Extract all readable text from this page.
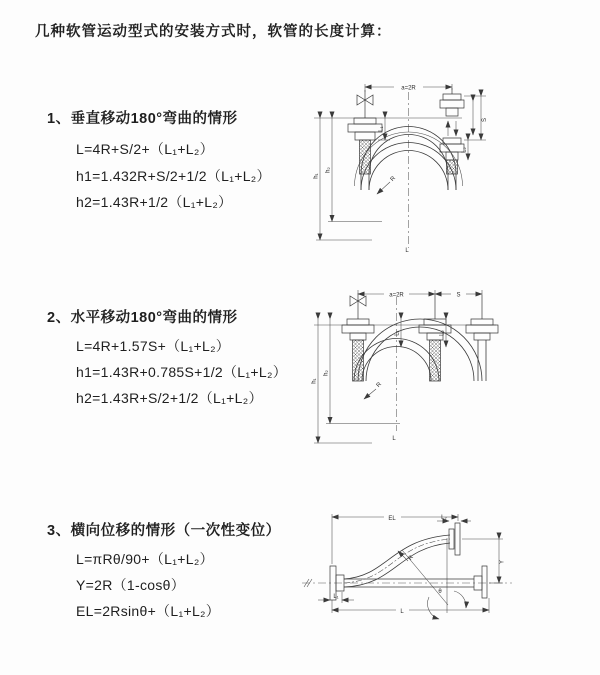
几种软管运动型式的安装方式时，软管的长度计算：
1、垂直移动180°弯曲的情形
L=4R+S/2+（L₁+L₂）
h1=1.432R+S/2+1/2（L₁+L₂）
h2=1.43R+1/2（L₁+L₂）
2、水平移动180°弯曲的情形
L=4R+1.57S+（L₁+L₂）
h1=1.43R+0.785S+1/2（L₁+L₂）
h2=1.43R+S/2+1/2（L₁+L₂）
3、横向位移的情形（一次性变位）
L=πRθ/90+（L₁+L₂）
Y=2R（1-cosθ）
EL=2Rsinθ+（L₁+L₂）
a=2R
S
h₁
h₂
L₁
L₂
R
L
a=2R	S
h₁
h₂
L₁	L₂
R
L
EL	L₂
Y
L
L₁
R
θ
